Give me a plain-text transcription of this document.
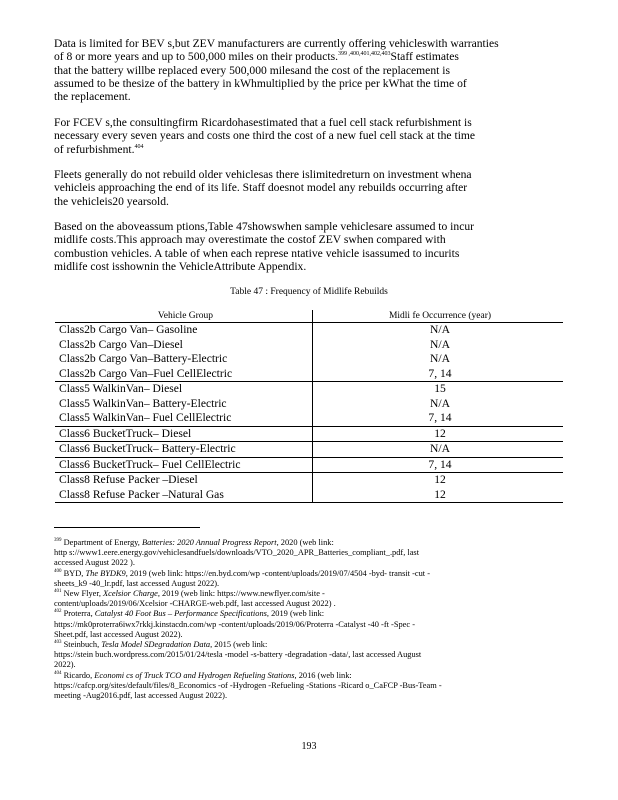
Data is limited for BEV s,but ZEV manufacturers are currently offering vehicleswith warranties
of 8 or more years and up to 500,000 miles on their products.$^{399 ,400,401,402,403}$Staff estimates
that the battery willbe replaced every 500,000 milesand the cost of the replacement is
assumed to be thesize of the battery in kWhmultiplied by the price per kWhat the time of
the replacement.
For FCEV s,the consultingfirm Ricardohasestimated that a fuel cell stack refurbishment is
necessary every seven years and costs one third the cost of a new fuel cell stack at the time
of refurbishment.$^{404}$
Fleets generally do not rebuild older vehiclesas there islimitedreturn on investment whena
vehicleis approaching the end of its life. Staff doesnot model any rebuilds occurring after
the vehicleis20 yearsold.
Based on the aboveassum ptions,Table 47showswhen sample vehiclesare assumed to incur
midlife costs.This approach may overestimate the costof ZEV swhen compared with
combustion vehicles. A table of when each represe ntative vehicle isassumed to incurits
midlife cost isshownin the VehicleAttribute Appendix.
Table 47 : Frequency of Midlife Rebuilds
Vehicle Group	Midli fe Occurrence (year)
Class2b Cargo Van– Gasoline	N/A
Class2b Cargo Van–Diesel	N/A
Class2b Cargo Van–Battery-Electric	N/A
Class2b Cargo Van–Fuel CellElectric	7, 14
Class5 WalkinVan– Diesel	15
Class5 WalkinVan– Battery-Electric	N/A
Class5 WalkinVan– Fuel CellElectric	7, 14
Class6 BucketTruck– Diesel	12
Class6 BucketTruck– Battery-Electric	N/A
Class6 BucketTruck– Fuel CellElectric	7, 14
Class8 Refuse Packer –Diesel	12
Class8 Refuse Packer –Natural Gas	12
$^{399}$ Department of Energy, Batteries: 2020 Annual Progress Report, 2020 (web link:
http s://www1.eere.energy.gov/vehiclesandfuels/downloads/VTO_2020_APR_Batteries_compliant_.pdf, last
accessed August 2022 ).
$^{400}$ BYD, The BYDK9, 2019 (web link: https://en.byd.com/wp -content/uploads/2019/07/4504 -byd- transit -cut -
sheets_k9 -40_lr.pdf, last accessed August 2022).
$^{401}$ New Flyer, Xcelsior Charge, 2019 (web link: https://www.newflyer.com/site -
content/uploads/2019/06/Xcelsior -CHARGE-web.pdf, last accessed August 2022) .
$^{402}$ Proterra, Catalyst 40 Foot Bus – Performance Specifications, 2019 (web link:
https://mk0proterra6iwx7rkkj.kinstacdn.com/wp -content/uploads/2019/06/Proterra -Catalyst -40 -ft -Spec -
Sheet.pdf, last accessed August 2022).
$^{403}$ Steinbuch, Tesla Model SDegradation Data, 2015 (web link:
https://stein buch.wordpress.com/2015/01/24/tesla -model -s-battery -degradation -data/, last accessed August
2022).
$^{404}$ Ricardo, Economi cs of Truck TCO and Hydrogen Refueling Stations, 2016 (web link:
https://cafcp.org/sites/default/files/8_Economics -of -Hydrogen -Refueling -Stations -Ricard o_CaFCP -Bus-Team -
meeting -Aug2016.pdf, last accessed August 2022).
193
